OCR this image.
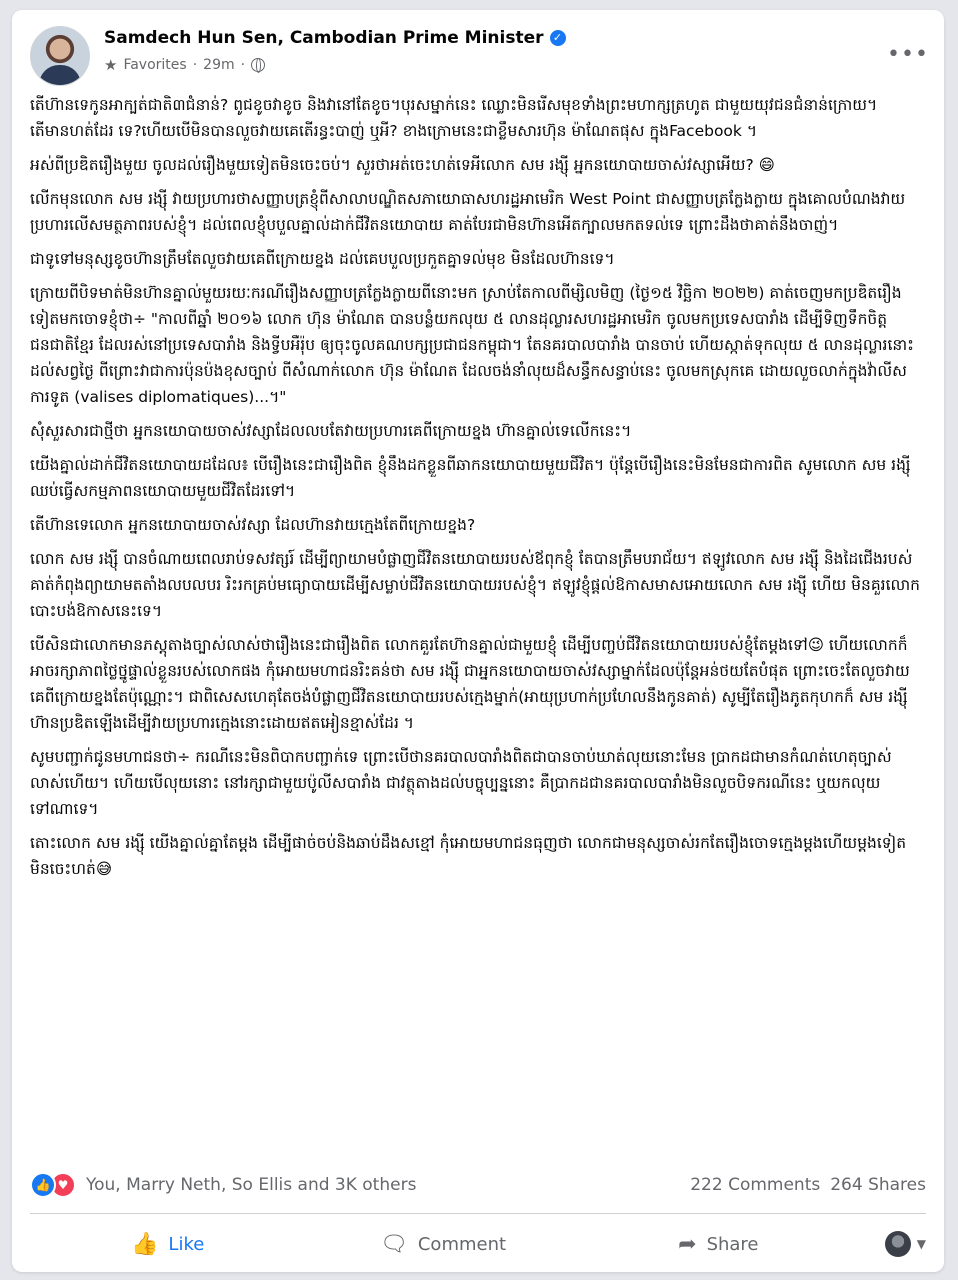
Samdech Hun Sen, Cambodian Prime Minister ✓
★ Favorites · 29m ·	•••

តើហ៊ានទេកូនអាក្បត់ជាតិ៣ជំនាន់? ពូជខូចវាខូច និងវានៅតែខូច។បុរសម្នាក់នេះ ឈ្លោះមិនរើសមុខទាំងព្រះមហាក្សត្រហូត ជាមួយយុវជនជំនាន់ក្រោយ។តើមានហត់ដែរ ទេ?ហើយបើមិនបានលួចវាយគេតើរន្ធះបាញ់ ឬអី? ខាងក្រោមនេះជាខ្លឹមសារហ៊ុន ម៉ាណែតផុស ក្នុងFacebook ។

អស់ពីប្រឌិតរឿងមួយ ចូលដល់រឿងមួយទៀតមិនចេះចប់។ សួរថាអត់ចេះហត់ទេអីលោក សម រង្ស៊ី អ្នកនយោបាយចាស់វស្សាអើយ? 😄

លើកមុនលោក សម រង្ស៊ី វាយប្រហារថាសញ្ញាបត្រខ្ញុំពីសាលាបណ្ឌិតសភាយោធាសហរដ្ឋអាមេរិក West Point ជាសញ្ញាបត្រក្លែងក្លាយ ក្នុងគោលបំណងវាយប្រហារលើសមត្ថភាពរបស់ខ្ញុំ។ ដល់ពេលខ្ញុំបបួលគ្នាល់ដាក់ជីវិតនយោបាយ គាត់បែរជាមិនហ៊ានអើតក្បាលមកតទល់ទេ ព្រោះដឹងថាគាត់នឹងចាញ់។

ជាទូទៅមនុស្សខូចហ៊ានត្រឹមតែលួចវាយគេពីក្រោយខ្នង ដល់គេបបួលប្រកួតគ្នាទល់មុខ មិនដែលហ៊ានទេ។

ក្រោយពីបិទមាត់មិនហ៊ានគ្នាល់មួយរយៈករណីរឿងសញ្ញាបត្រក្លែងក្លាយពីនោះមក ស្រាប់តែកាលពីម្សិលមិញ (ថ្ងៃ១៥ វិច្ឆិកា ២០២២) គាត់ចេញមកប្រឌិតរឿងទៀតមកចោទខ្ញុំថា÷ "កាលពីឆ្នាំ ២០១៦ លោក ហ៊ុន ម៉ាណែត បានបន្លំយកលុយ ៥ លានដុល្លារសហរដ្ឋអាមេរិក ចូលមកប្រទេសបារាំង ដើម្បីទិញទឹកចិត្តជនជាតិខ្មែរ ដែលរស់នៅប្រទេសបារាំង និងទ្វីបអឺរ៉ុប ឲ្យចុះចូលគណបក្សប្រជាជនកម្ពុជា។ តែនគរបាលបារាំង បានចាប់ ហើយស្កាត់ទុកលុយ ៥ លានដុល្លារនោះ ដល់សព្វថ្ងៃ ពីព្រោះវាជាការប៉ុនប៉ងខុសច្បាប់ ពីសំណាក់លោក ហ៊ុន ម៉ាណែត ដែលចង់នាំលុយដ៏សន្ធឹកសន្ធាប់នេះ ចូលមកស្រុកគេ ដោយលួចលាក់ក្នុងវ៉ាលីសការទូត (valises diplomatiques)...។"

សុំសួរសារជាថ្មីថា អ្នកនយោបាយចាស់វស្សាដែលលបតែវាយប្រហារគេពីក្រោយខ្នង ហ៊ានគ្នាល់ទេលើកនេះ។

យើងគ្នាល់ដាក់ជីវិតនយោបាយដដែល៖ បើរឿងនេះជារឿងពិត ខ្ញុំនឹងដកខ្លួនពីឆាកនយោបាយមួយជីវិត។ ប៉ុន្តែបើរឿងនេះមិនមែនជាការពិត សូមលោក សម រង្ស៊ី ឈប់ធ្វើសកម្មភាពនយោបាយមួយជីវិតដែរទៅ។

តើហ៊ានទេលោក អ្នកនយោបាយចាស់វស្សា ដែលហ៊ានវាយក្មេងតែពីក្រោយខ្នង?

លោក សម រង្ស៊ី បានចំណាយពេលរាប់ទសវត្សរ៍ ដើម្បីព្យាយាមបំផ្លាញជីវិតនយោបាយរបស់ឪពុកខ្ញុំ តែបានត្រឹមបរាជ័យ។ ឥឡូវលោក សម រង្ស៊ី និងដៃជើងរបស់គាត់កំពុងព្យាយាមតតាំងលបលបរ រិះរកគ្រប់មធ្យោបាយដើម្បីសម្លាប់ជីវិតនយោបាយរបស់ខ្ញុំ។ ឥឡូវខ្ញុំផ្ដល់ឱកាសមាសអោយលោក សម រង្ស៊ី ហើយ មិនគួរលោកបោះបង់ឱកាសនេះទេ។

បើសិនជាលោកមានភស្តុតាងច្បាស់លាស់ថារឿងនេះជារឿងពិត លោកគួរតែហ៊ានគ្នាល់ជាមួយខ្ញុំ ដើម្បីបញ្ចប់ជីវិតនយោបាយរបស់ខ្ញុំតែម្ដងទៅ😉 ហើយលោកក៏អាចរក្សាភាពថ្លៃថ្នូផ្ទាល់ខ្លួនរបស់លោកផង កុំអោយមហាជនរិះគន់ថា សម រង្ស៊ី ជាអ្នកនយោបាយចាស់វស្សាម្នាក់ដែលប៉ុន្តែអន់ថយតែបំផុត ព្រោះចេះតែលួចវាយគេពីក្រោយខ្នងតែប៉ុណ្ណោះ។ ជាពិសេសហេតុតែចង់បំផ្លាញជីវិតនយោបាយរបស់ក្មេងម្នាក់(អាយុប្រហាក់ប្រហែលនឹងកូនគាត់) សូម្បីតែរឿងភូតកុហកក៏ សម រង្ស៊ី ហ៊ានប្រឌិតឡើងដើម្បីវាយប្រហារក្មេងនោះដោយឥតអៀនខ្មាស់ដែរ ។

សូមបញ្ជាក់ជូនមហាជនថា÷ ករណីនេះមិនពិបាកបញ្ជាក់ទេ ព្រោះបើថានគរបាលបារាំងពិតជាបានចាប់ឃាត់លុយនោះមែន ប្រាកដជាមានកំណត់ហេតុច្បាស់លាស់ហើយ។ ហើយបើលុយនោះ នៅរក្សាជាមួយប៉ូលីសបារាំង ជាវត្ថុតាងដល់បច្ចុប្បន្ននោះ គឺប្រាកដជានគរបាលបារាំងមិនលួចបិទករណីនេះ ឬយកលុយទៅណាទេ។

តោះលោក សម រង្ស៊ី យើងគ្នាល់គ្នាតែម្ដង ដើម្បីផាច់ចប់និងឆាប់ដឹងសខ្មៅ កុំអោយមហាជនធុញថា លោកជាមនុស្សចាស់រកតែរឿងចោទក្មេងម្ដងហើយម្ដងទៀតមិនចេះហត់😅

👍 ♥	You, Marry Neth, So Ellis and 3K others	222 Comments 264 Shares
👍 Like	🗨 Comment	➦ Share	▼
